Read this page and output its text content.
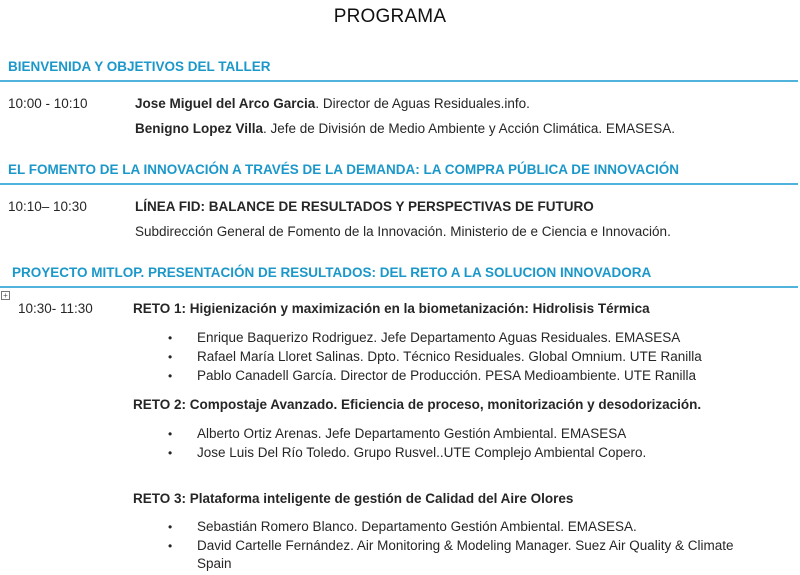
PROGRAMA
BIENVENIDA Y OBJETIVOS DEL TALLER
10:00 - 10:10	Jose Miguel del Arco Garcia. Director de Aguas Residuales.info.
Benigno Lopez Villa. Jefe de División de Medio Ambiente y Acción Climática. EMASESA.
EL FOMENTO DE LA INNOVACIÓN A TRAVÉS DE LA DEMANDA: LA COMPRA PÚBLICA DE INNOVACIÓN
10:10– 10:30	LÍNEA FID: BALANCE DE RESULTADOS Y PERSPECTIVAS DE FUTURO
Subdirección General de Fomento de la Innovación. Ministerio de e Ciencia e Innovación.
PROYECTO MITLOP. PRESENTACIÓN DE RESULTADOS: DEL RETO A LA SOLUCION INNOVADORA
+
10:30- 11:30	RETO 1: Higienización y maximización en la biometanización: Hidrolisis Térmica
• Enrique Baquerizo Rodriguez. Jefe Departamento Aguas Residuales. EMASESA
• Rafael María Lloret Salinas. Dpto. Técnico Residuales. Global Omnium. UTE Ranilla
• Pablo Canadell García. Director de Producción. PESA Medioambiente. UTE Ranilla
RETO 2: Compostaje Avanzado. Eficiencia de proceso, monitorización y desodorización.
• Alberto Ortiz Arenas. Jefe Departamento Gestión Ambiental. EMASESA
• Jose Luis Del Río Toledo. Grupo Rusvel..UTE Complejo Ambiental Copero.
RETO 3: Plataforma inteligente de gestión de Calidad del Aire Olores
• Sebastián Romero Blanco. Departamento Gestión Ambiental. EMASESA.
• David Cartelle Fernández. Air Monitoring & Modeling Manager. Suez Air Quality & Climate
Spain
